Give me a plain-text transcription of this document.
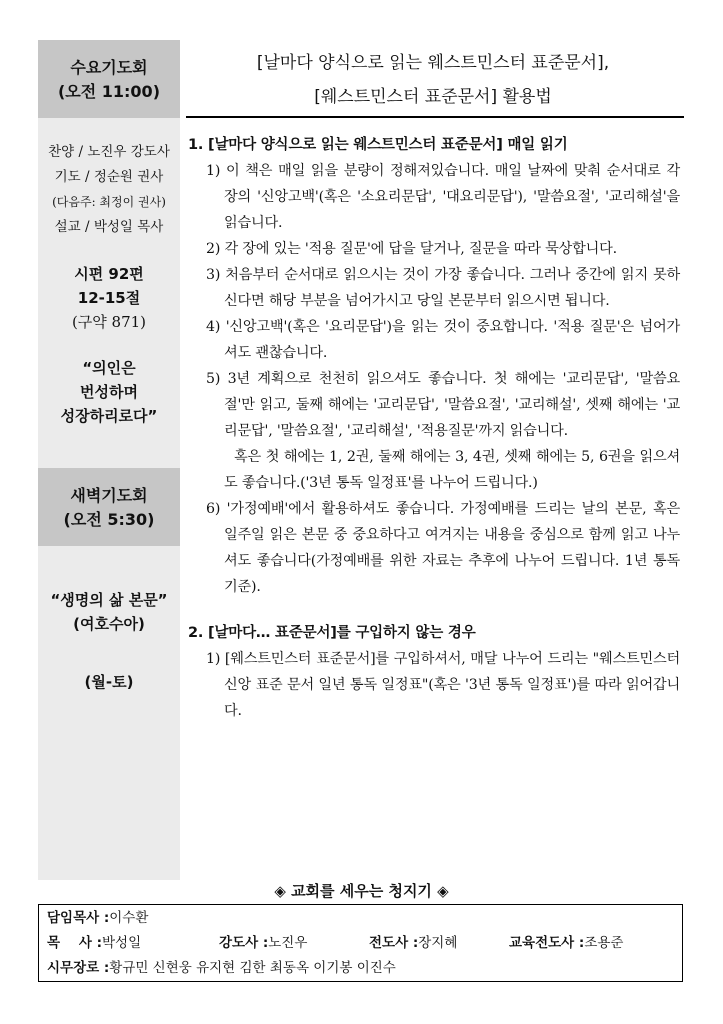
수요기도회
(오전 11:00)
찬양 / 노진우 강도사
기도 / 정순원 권사
(다음주: 최정이 권사)
설교 / 박성일 목사
시편 92편
12-15절
(구약 871)
“의인은
번성하며
성장하리로다”
새벽기도회
(오전 5:30)
“생명의 삶 본문”
(여호수아)
(월-토)
[날마다 양식으로 읽는 웨스트민스터 표준문서],
[웨스트민스터 표준문서] 활용법
1. [날마다 양식으로 읽는 웨스트민스터 표준문서] 매일 읽기
1) 이 책은 매일 읽을 분량이 정해져있습니다. 매일 날짜에 맞춰 순서대로 각 장의 '신앙고백'(혹은 '소요리문답', '대요리문답'), '말씀요절', '교리해설'을 읽습니다.
2) 각 장에 있는 '적용 질문'에 답을 달거나, 질문을 따라 묵상합니다.
3) 처음부터 순서대로 읽으시는 것이 가장 좋습니다. 그러나 중간에 읽지 못하신다면 해당 부분을 넘어가시고 당일 본문부터 읽으시면 됩니다.
4) '신앙고백'(혹은 '요리문답')을 읽는 것이 중요합니다. '적용 질문'은 넘어가셔도 괜찮습니다.
5) 3년 계획으로 천천히 읽으셔도 좋습니다. 첫 해에는 '교리문답', '말씀요절'만 읽고, 둘째 해에는 '교리문답', '말씀요절', '교리해설', 셋째 해에는 '교리문답', '말씀요절', '교리해설', '적용질문'까지 읽습니다.
혹은 첫 해에는 1, 2권, 둘째 해에는 3, 4권, 셋째 해에는 5, 6권을 읽으셔도 좋습니다.('3년 통독 일정표'를 나누어 드립니다.)
6) '가정예배'에서 활용하셔도 좋습니다. 가정예배를 드리는 날의 본문, 혹은 일주일 읽은 본문 중 중요하다고 여겨지는 내용을 중심으로 함께 읽고 나누셔도 좋습니다(가정예배를 위한 자료는 추후에 나누어 드립니다. 1년 통독 기준).
2. [날마다… 표준문서]를 구입하지 않는 경우
1) [웨스트민스터 표준문서]를 구입하셔서, 매달 나누어 드리는 "웨스트민스터 신앙 표준 문서 일년 통독 일정표"(혹은 '3년 통독 일정표')를 따라 읽어갑니다.
◈ 교회를 세우는 청지기 ◈
담임목사 :이수환
목    사 :박성일	강도사 :노진우	전도사 :장지혜	교육전도사 :조용준
시무장로 :황규민 신현웅 유지현 김한 최동옥 이기봉 이진수
